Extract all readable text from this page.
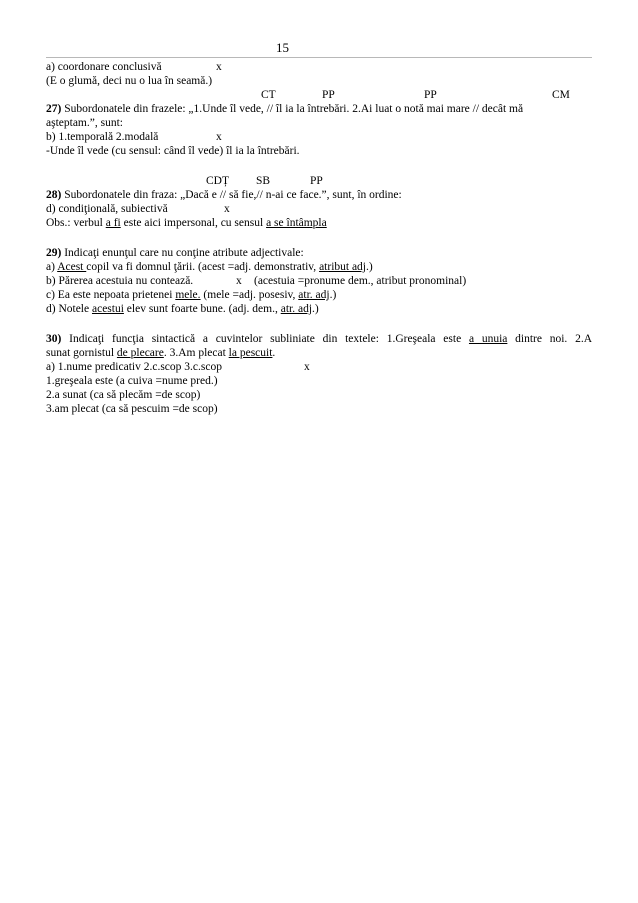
15
a) coordonare conclusivă	x
(E o glumă, deci nu o lua în seamă.)
CT	PP	PP	CM
27) Subordonatele din frazele: „1.Unde îl vede, // îl ia la întrebări. 2.Ai luat o notă mai mare // decât mă
aşteptam.”, sunt:
b) 1.temporală 2.modală	x
-Unde îl vede (cu sensul: când îl vede) îl ia la întrebări.
CDȚ SB	PP
28) Subordonatele din fraza: „Dacă e // să fie,// n-ai ce face.”, sunt, în ordine:
d) condiţională, subiectivă	x
Obs.: verbul a fi este aici impersonal, cu sensul a se întâmpla
29) Indicaţi enunţul care nu conţine atribute adjectivale:
a) Acest copil va fi domnul ţării. (acest =adj. demonstrativ, atribut adj.)
b) Părerea acestuia nu contează.	x (acestuia =pronume dem., atribut pronominal)
c) Ea este nepoata prietenei mele. (mele =adj. posesiv, atr. adj.)
d) Notele acestui elev sunt foarte bune. (adj. dem., atr. adj.)
30) Indicaţi funcţia sintactică a cuvintelor subliniate din textele: 1.Greşeala este a unuia dintre noi. 2.A
sunat gornistul de plecare. 3.Am plecat la pescuit.
a) 1.nume predicativ 2.c.scop 3.c.scop	x
1.greşeala este (a cuiva =nume pred.)
2.a sunat (ca să plecăm =de scop)
3.am plecat (ca să pescuim =de scop)
